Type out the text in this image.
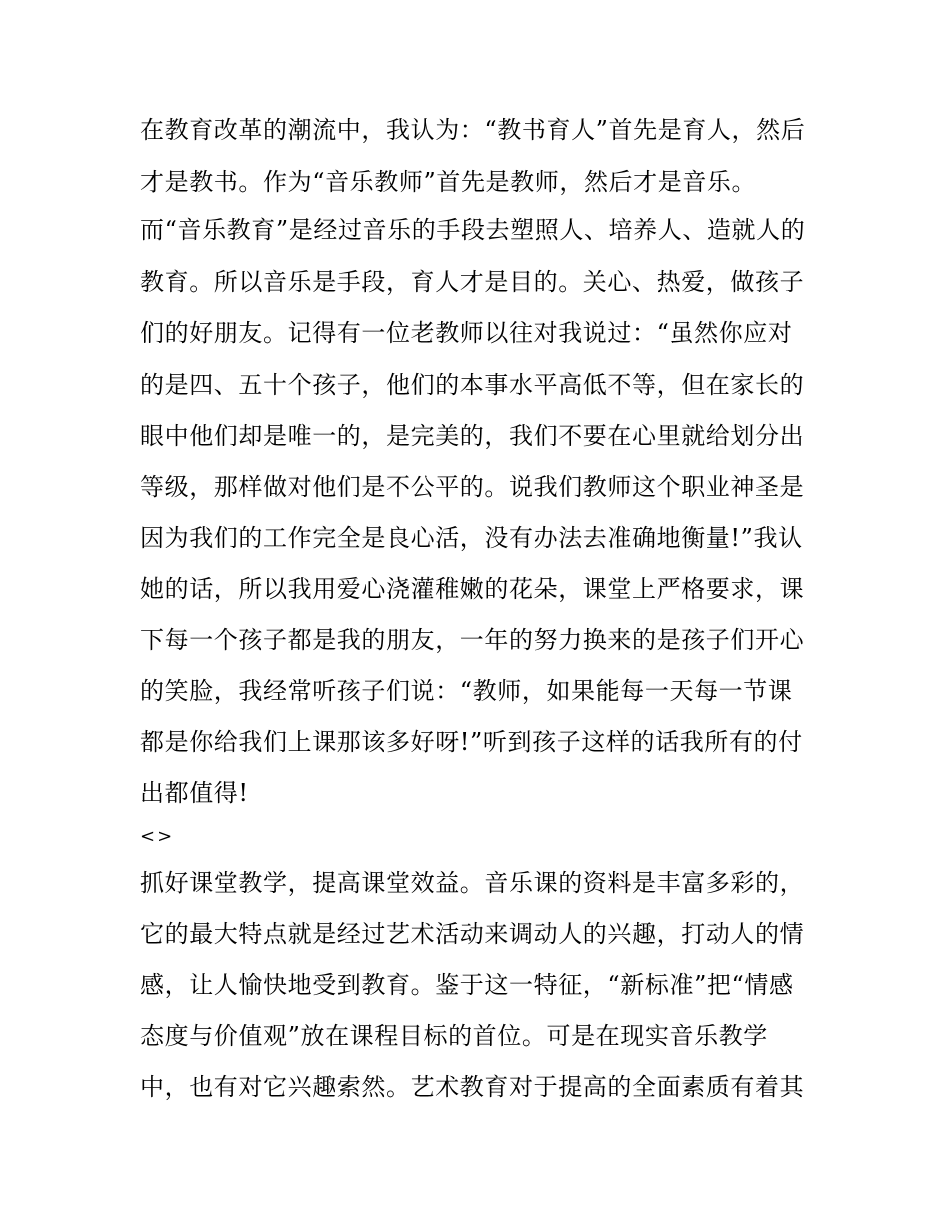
在教育改革的潮流中，我认为：“教书育人”首先是育人，然后
才是教书。作为“音乐教师”首先是教师，然后才是音乐。
而“音乐教育”是经过音乐的手段去塑照人、培养人、造就人的
教育。所以音乐是手段，育人才是目的。关心、热爱，做孩子
们的好朋友。记得有一位老教师以往对我说过：“虽然你应对
的是四、五十个孩子，他们的本事水平高低不等，但在家长的
眼中他们却是唯一的，是完美的，我们不要在心里就给划分出
等级，那样做对他们是不公平的。说我们教师这个职业神圣是
因为我们的工作完全是良心活，没有办法去准确地衡量!”我认
她的话，所以我用爱心浇灌稚嫩的花朵，课堂上严格要求，课
下每一个孩子都是我的朋友，一年的努力换来的是孩子们开心
的笑脸，我经常听孩子们说：“教师，如果能每一天每一节课
都是你给我们上课那该多好呀!”听到孩子这样的话我所有的付
出都值得!
<>
抓好课堂教学，提高课堂效益。音乐课的资料是丰富多彩的，
它的最大特点就是经过艺术活动来调动人的兴趣，打动人的情
感，让人愉快地受到教育。鉴于这一特征，“新标准”把“情感
态度与价值观”放在课程目标的首位。可是在现实音乐教学
中，也有对它兴趣索然。艺术教育对于提高的全面素质有着其
